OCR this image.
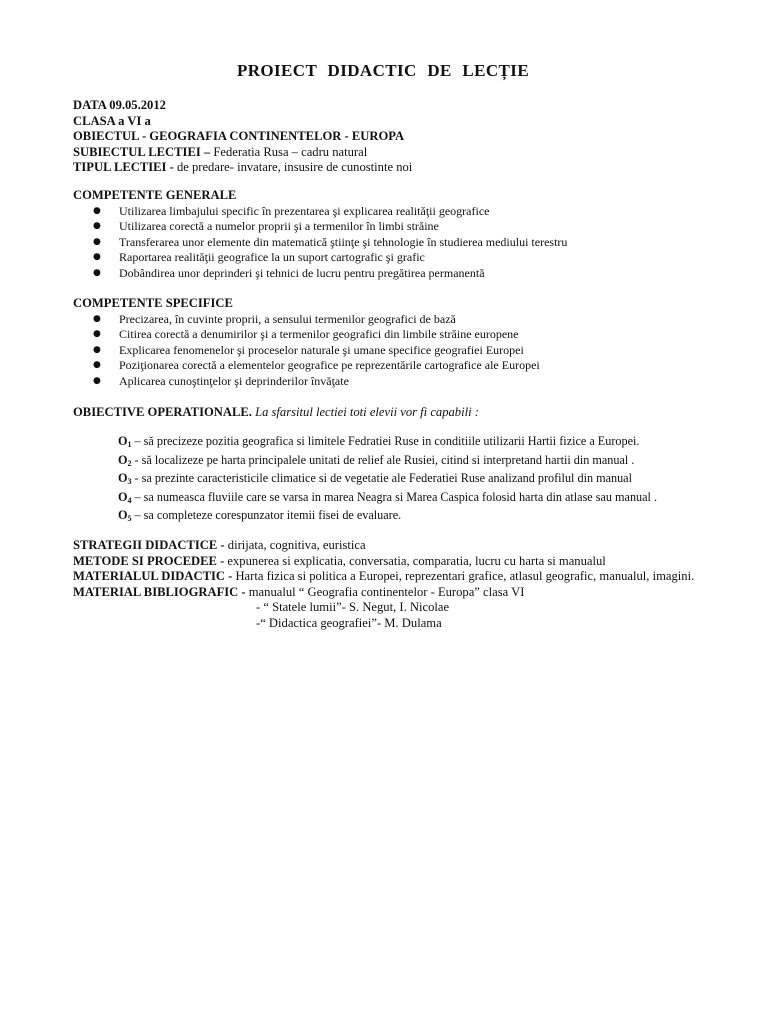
PROIECT DIDACTIC DE LECȚIE
DATA 09.05.2012
CLASA a VI a
OBIECTUL - GEOGRAFIA CONTINENTELOR - EUROPA
SUBIECTUL LECTIEI – Federatia Rusa – cadru natural
TIPUL LECTIEI - de predare- invatare, insusire de cunostinte noi
COMPETENTE GENERALE
● Utilizarea limbajului specific în prezentarea şi explicarea realităţii geografice
● Utilizarea corectă a numelor proprii şi a termenilor în limbi străine
● Transferarea unor elemente din matematică ştiinţe şi tehnologie în studierea mediului terestru
● Raportarea realităţii geografice la un suport cartografic şi grafic
● Dobândirea unor deprinderi şi tehnici de lucru pentru pregătirea permanentă
COMPETENTE SPECIFICE
● Precizarea, în cuvinte proprii, a sensului termenilor geografici de bază
● Citirea corectă a denumirilor şi a termenilor geografici din limbile străine europene
● Explicarea fenomenelor şi proceselor naturale şi umane specifice geografiei Europei
● Poziţionarea corectă a elementelor geografice pe reprezentările cartografice ale Europei
● Aplicarea cunoştinţelor şi deprinderilor învăţate
OBIECTIVE OPERATIONALE. La sfarsitul lectiei toti elevii vor fi capabili :
$O_1$ – să precizeze pozitia geografica si limitele Fedratiei Ruse in conditiile utilizarii Hartii fizice a Europei.
$O_2$ - să localizeze pe harta principalele unitati de relief ale Rusiei, citind si interpretand hartii din manual .
$O_3$ - sa prezinte caracteristicile climatice si de vegetatie ale Federatiei Ruse analizand profilul din manual
$O_4$ – sa numeasca fluviile care se varsa in marea Neagra si Marea Caspica folosid harta din atlase sau manual .
$O_5$ – sa completeze corespunzator itemii fisei de evaluare.
STRATEGII DIDACTICE - dirijata, cognitiva, euristica
METODE SI PROCEDEE - expunerea si explicatia, conversatia, comparatia, lucru cu harta si manualul
MATERIALUL DIDACTIC - Harta fizica si politica a Europei, reprezentari grafice, atlasul geografic, manualul, imagini.
MATERIAL BIBLIOGRAFIC - manualul “ Geografia continentelor - Europa” clasa VI
- “ Statele lumii”- S. Negut, I. Nicolae
-“ Didactica geografiei”- M. Dulama
